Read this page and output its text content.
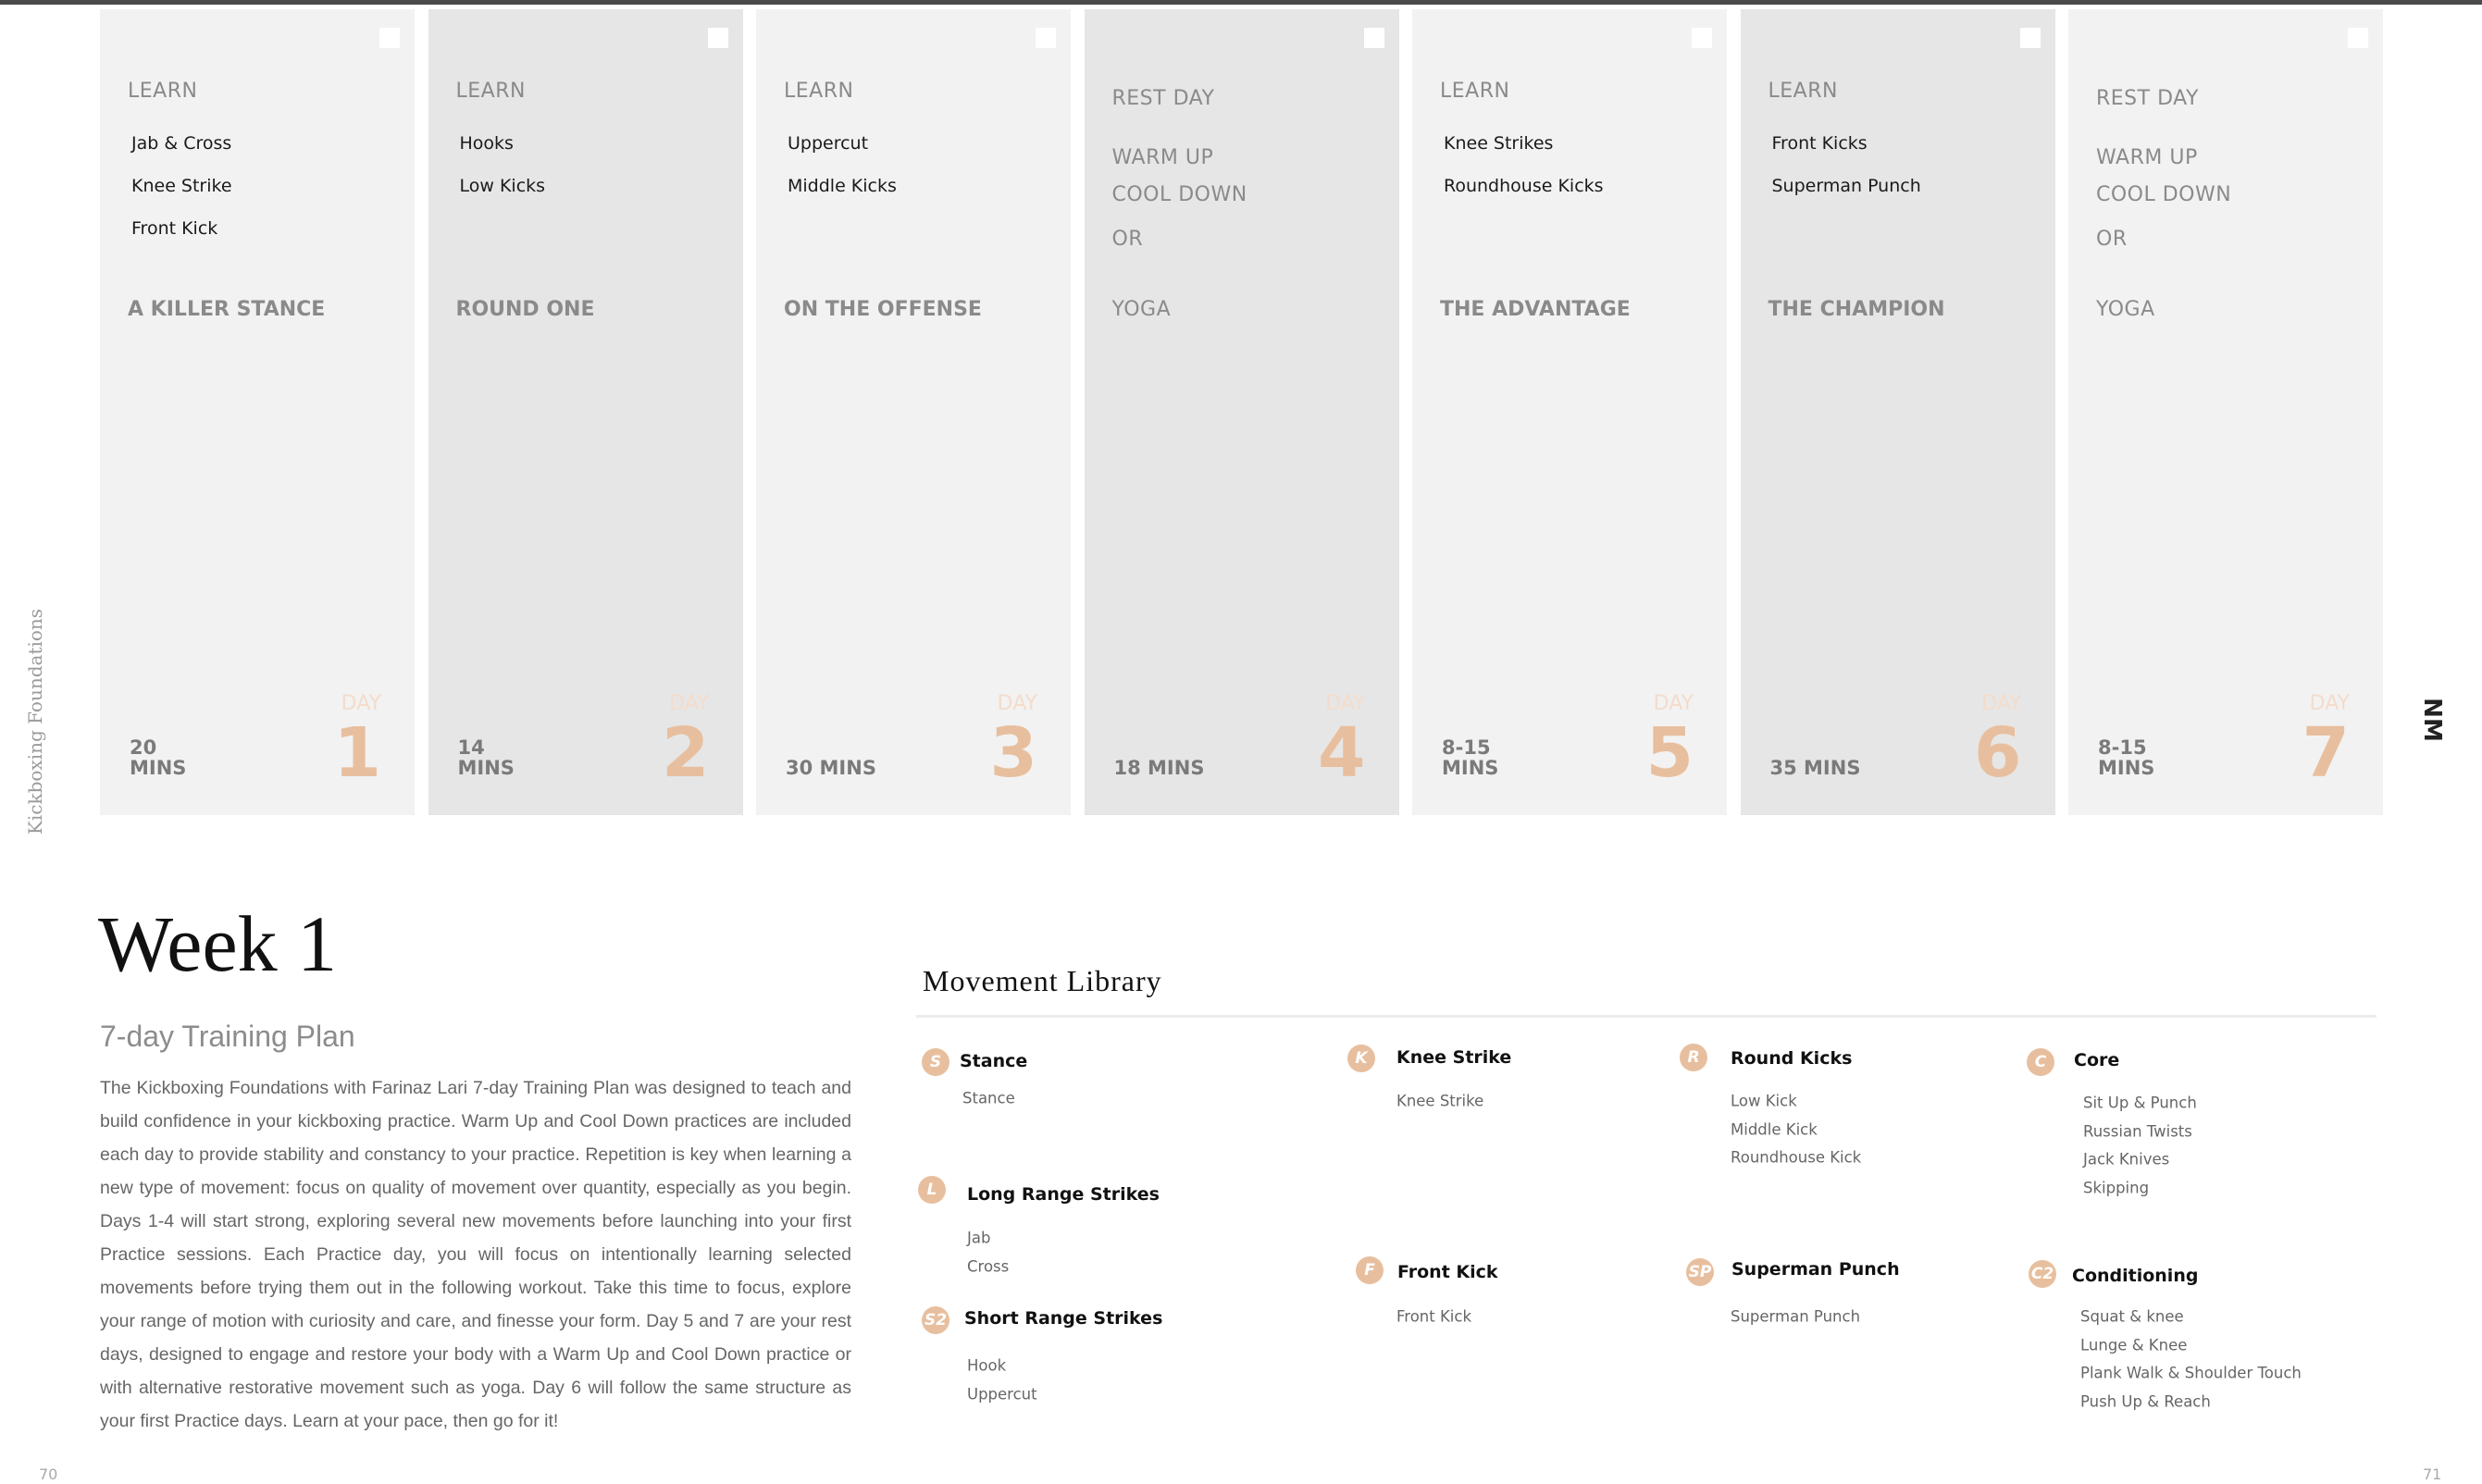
Kickboxing Foundations	NM
LEARN
Jab & Cross
Knee Strike
Front Kick
A KILLER STANCE
20
MINS
DAY
1
LEARN
Hooks
Low Kicks
ROUND ONE
14
MINS
DAY
2
LEARN
Uppercut
Middle Kicks
ON THE OFFENSE
30 MINS
DAY
3
REST DAY
WARM UP
COOL DOWN
OR
YOGA
18 MINS
DAY
4
LEARN
Knee Strikes
Roundhouse Kicks
THE ADVANTAGE
8-15
MINS
DAY
5
LEARN
Front Kicks
Superman Punch
THE CHAMPION
35 MINS
DAY
6
REST DAY
WARM UP
COOL DOWN
OR
YOGA
8-15
MINS
DAY
7
Week 1
7-day Training Plan
The Kickboxing Foundations with Farinaz Lari 7-day Training Plan was designed to teach and build confidence in your kickboxing practice. Warm Up and Cool Down practices are included each day to provide stability and constancy to your practice. Repetition is key when learning a new type of movement: focus on quality of movement over quantity, especially as you begin. Days 1-4 will start strong, exploring several new movements before launching into your first Practice sessions. Each Practice day, you will focus on intentionally learning selected movements before trying them out in the following workout. Take this time to focus, explore your range of motion with curiosity and care, and finesse your form. Day 5 and 7 are your rest days, designed to engage and restore your body with a Warm Up and Cool Down practice or with alternative restorative movement such as yoga. Day 6 will follow the same structure as your first Practice days. Learn at your pace, then go for it!
Movement Library
S	Stance
Stance
L	Long Range Strikes
Jab
Cross
S2 Short Range Strikes
Hook
Uppercut
K	Knee Strike
Knee Strike
F	Front Kick
Front Kick
R	Round Kicks
Low Kick
Middle Kick
Roundhouse Kick
SP Superman Punch
Superman Punch
C	Core
Sit Up & Punch
Russian Twists
Jack Knives
Skipping
C2 Conditioning
Squat & knee
Lunge & Knee
Plank Walk & Shoulder Touch
Push Up & Reach
70	71
